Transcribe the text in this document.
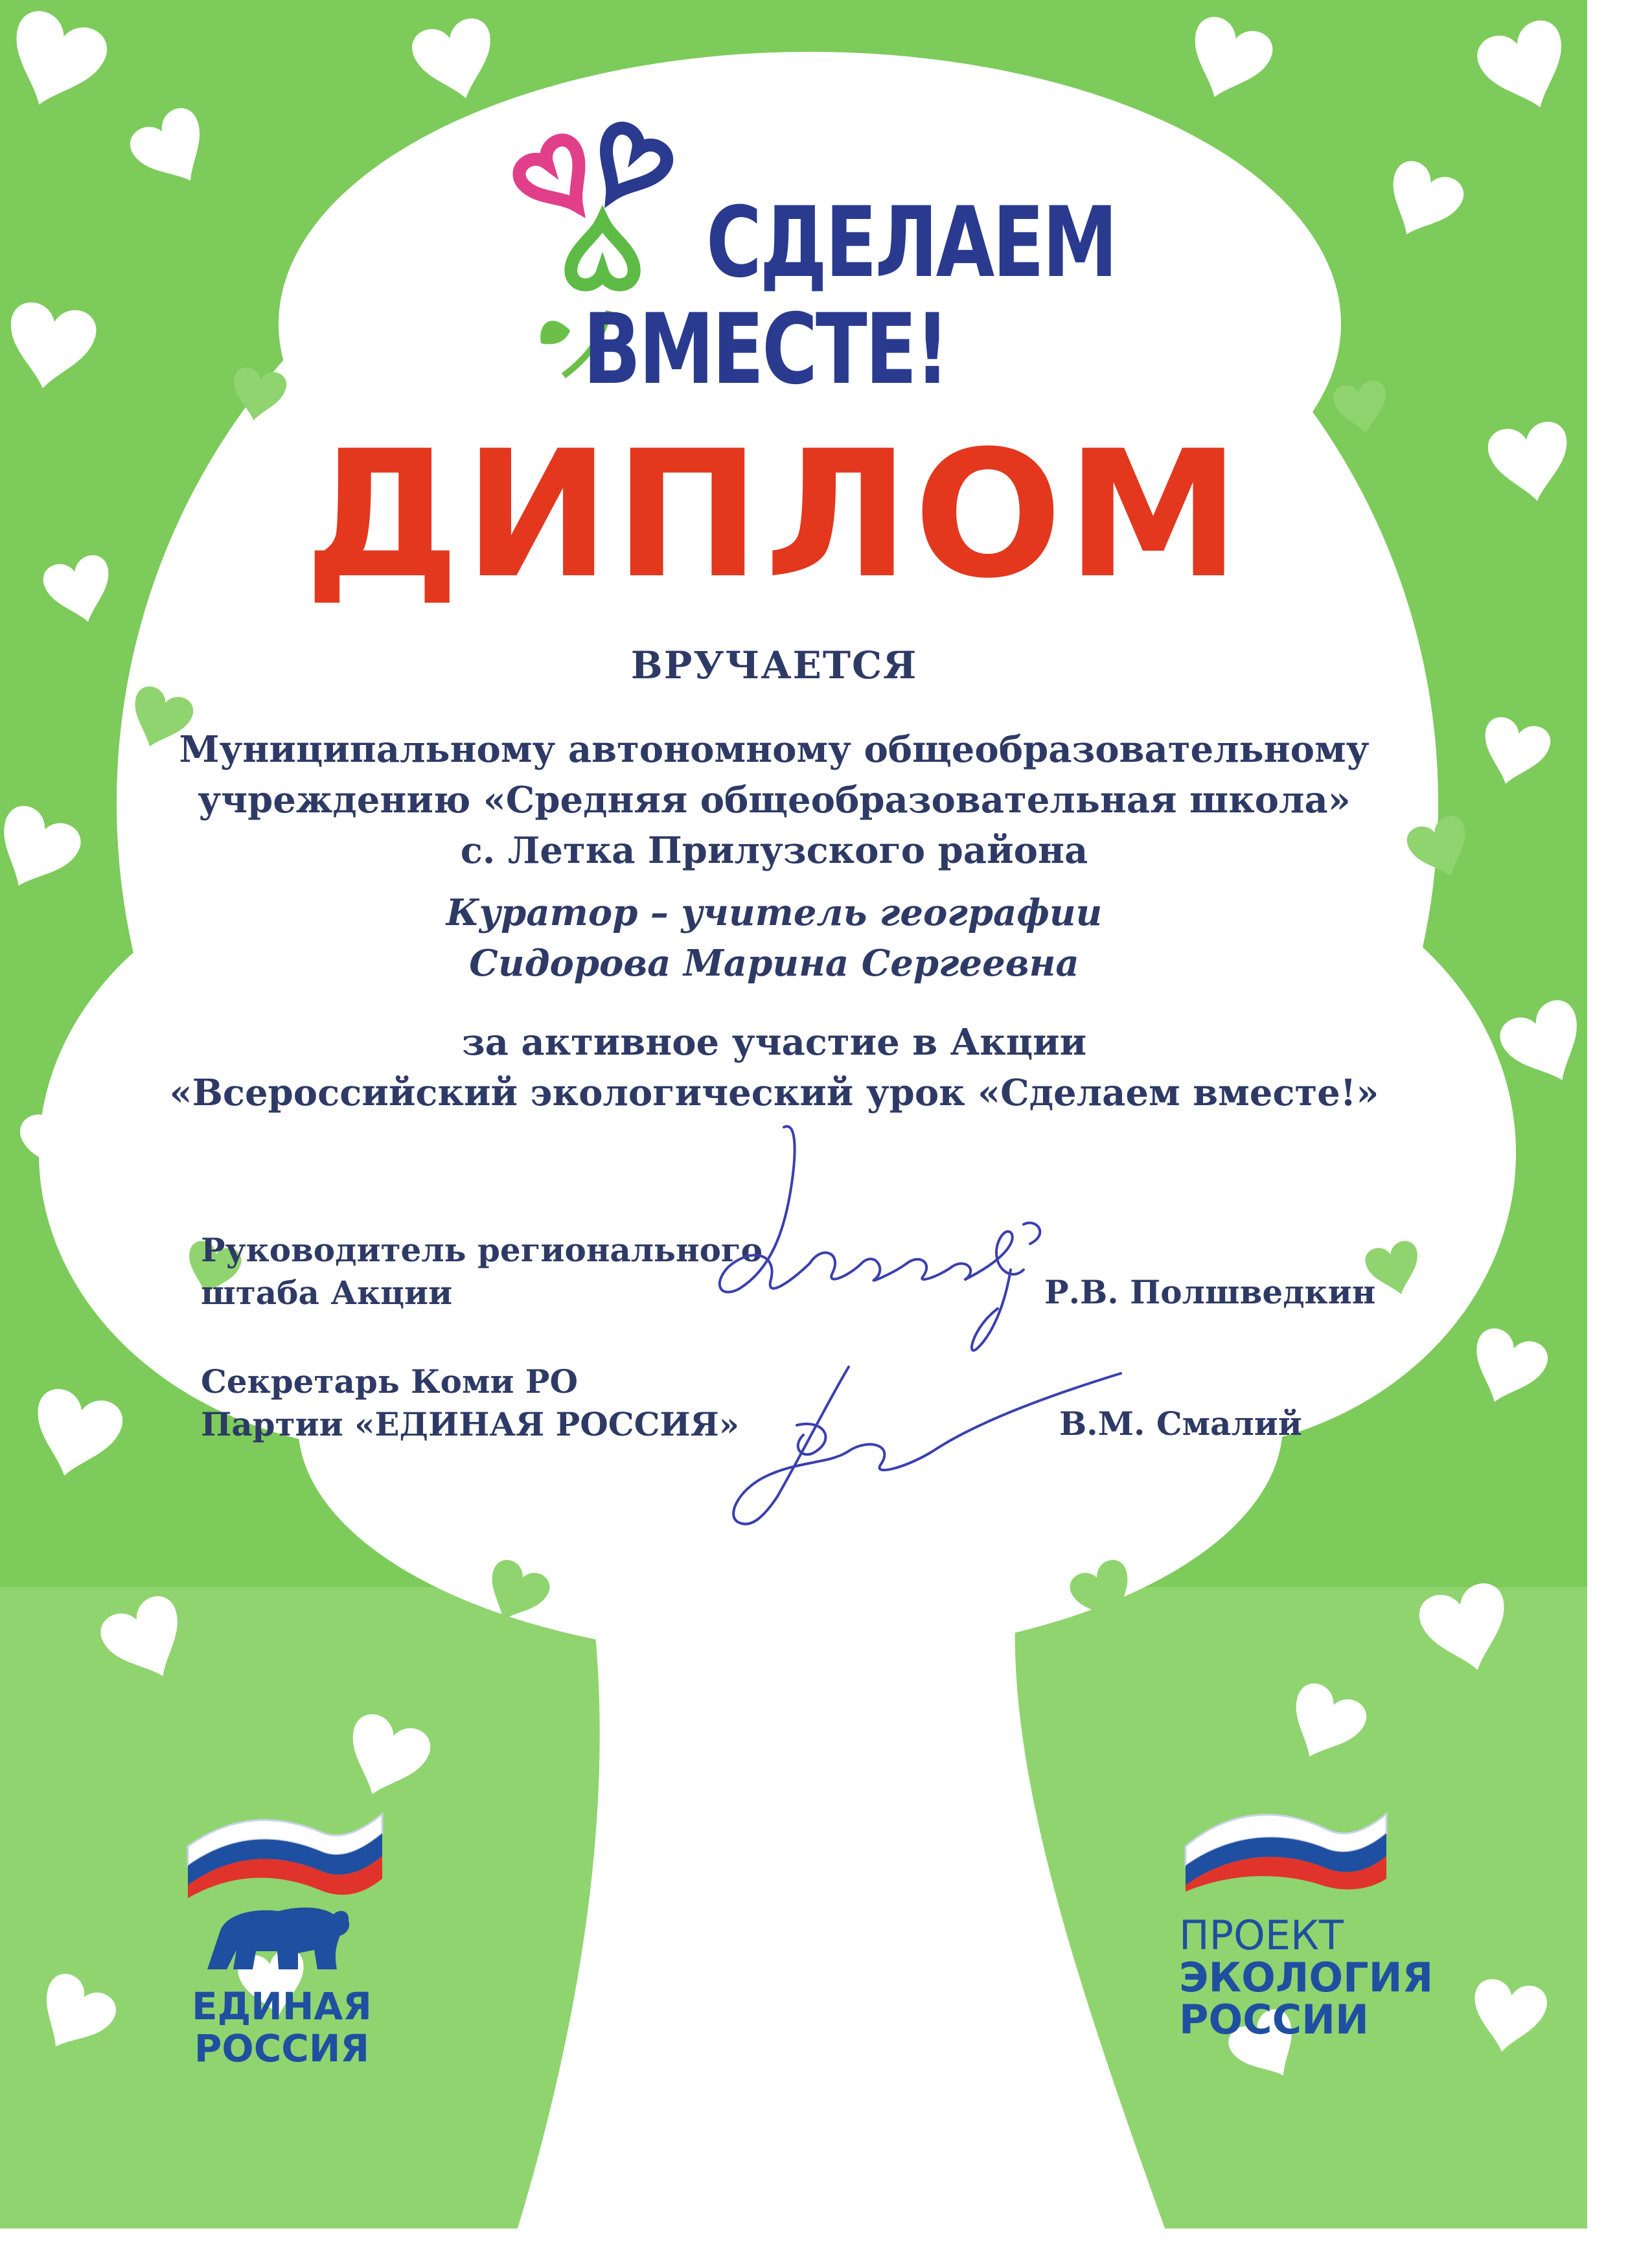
СДЕЛАЕМ
ВМЕСТЕ!
ДИПЛОМ
ВРУЧАЕТСЯ
Муниципальному автономному общеобразовательному
учреждению «Средняя общеобразовательная школа»
с. Летка Прилузского района
Куратор – учитель географии
Сидорова Марина Сергеевна
за активное участие в Акции
«Всероссийский экологический урок «Сделаем вместе!»
Руководитель регионального
штаба Акции	Р.В. Полшведкин
Секретарь Коми РО
Партии «ЕДИНАЯ РОССИЯ»	В.М. Смалий
ЕДИНАЯ
РОССИЯ
ПРОЕКТ
ЭКОЛОГИЯ
РОССИИ
